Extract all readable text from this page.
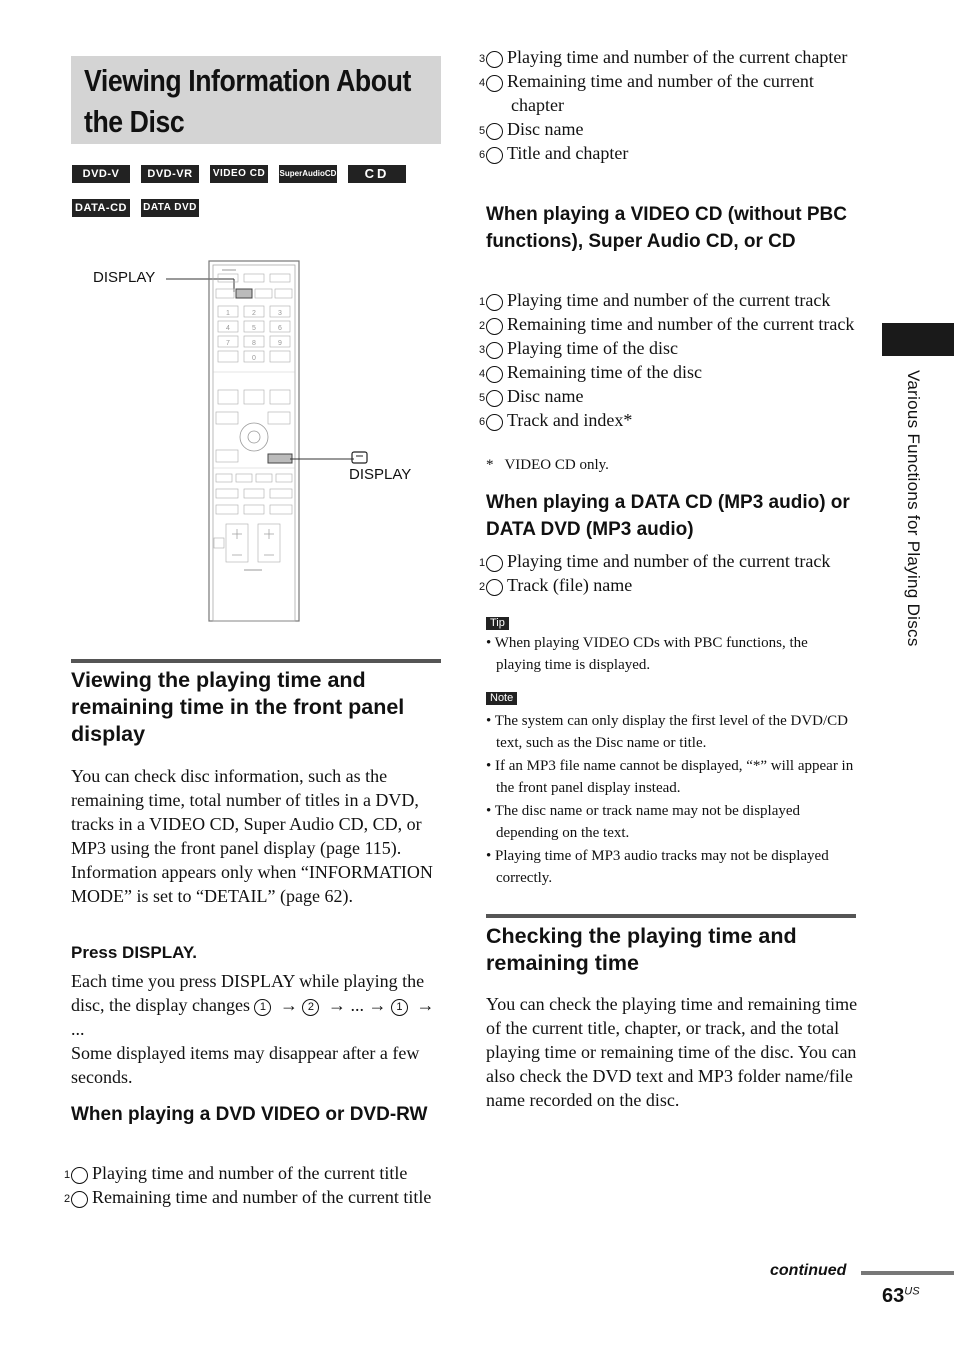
Viewing Information About the Disc
DVD-V	DVD-VR	VIDEO CD	SuperAudioCD	CD
DATA-CD	DATA DVD
DISPLAY
1	2	3
4	5	6
7	8	9
0
DISPLAY
Viewing the playing time and remaining time in the front panel display

You can check disc information, such as the remaining time, total number of titles in a DVD, tracks in a VIDEO CD, Super Audio CD, CD, or MP3 using the front panel display (page 115). Information appears only when “INFORMATION MODE” is set to “DETAIL” (page 62).

Press DISPLAY.

Each time you press DISPLAY while playing the disc, the display changes 1 → 2 → ... → 1 → ...

Some displayed items may disappear after a few seconds.

When playing a DVD VIDEO or DVD-RW

1 Playing time and number of the current title

2 Remaining time and number of the current title

3 Playing time and number of the current chapter

4 Remaining time and number of the current chapter

5 Disc name

6 Title and chapter

When playing a VIDEO CD (without PBC functions), Super Audio CD, or CD

1 Playing time and number of the current track

2 Remaining time and number of the current track

3 Playing time of the disc

4 Remaining time of the disc

5 Disc name

6 Track and index*

*   VIDEO CD only.
When playing a DATA CD (MP3 audio) or DATA DVD (MP3 audio)

1 Playing time and number of the current track

2 Track (file) name

Tip
• When playing VIDEO CDs with PBC functions, the playing time is displayed.
Note
• The system can only display the first level of the DVD/CD text, such as the Disc name or title.
• If an MP3 file name cannot be displayed, “*” will appear in the front panel display instead.
• The disc name or track name may not be displayed depending on the text.
• Playing time of MP3 audio tracks may not be displayed correctly.
Checking the playing time and remaining time

You can check the playing time and remaining time of the current title, chapter, or track, and the total playing time or remaining time of the disc. You can also check the DVD text and MP3 folder name/file name recorded on the disc.

Various Functions for Playing Discs
continued
$63^{US}$
